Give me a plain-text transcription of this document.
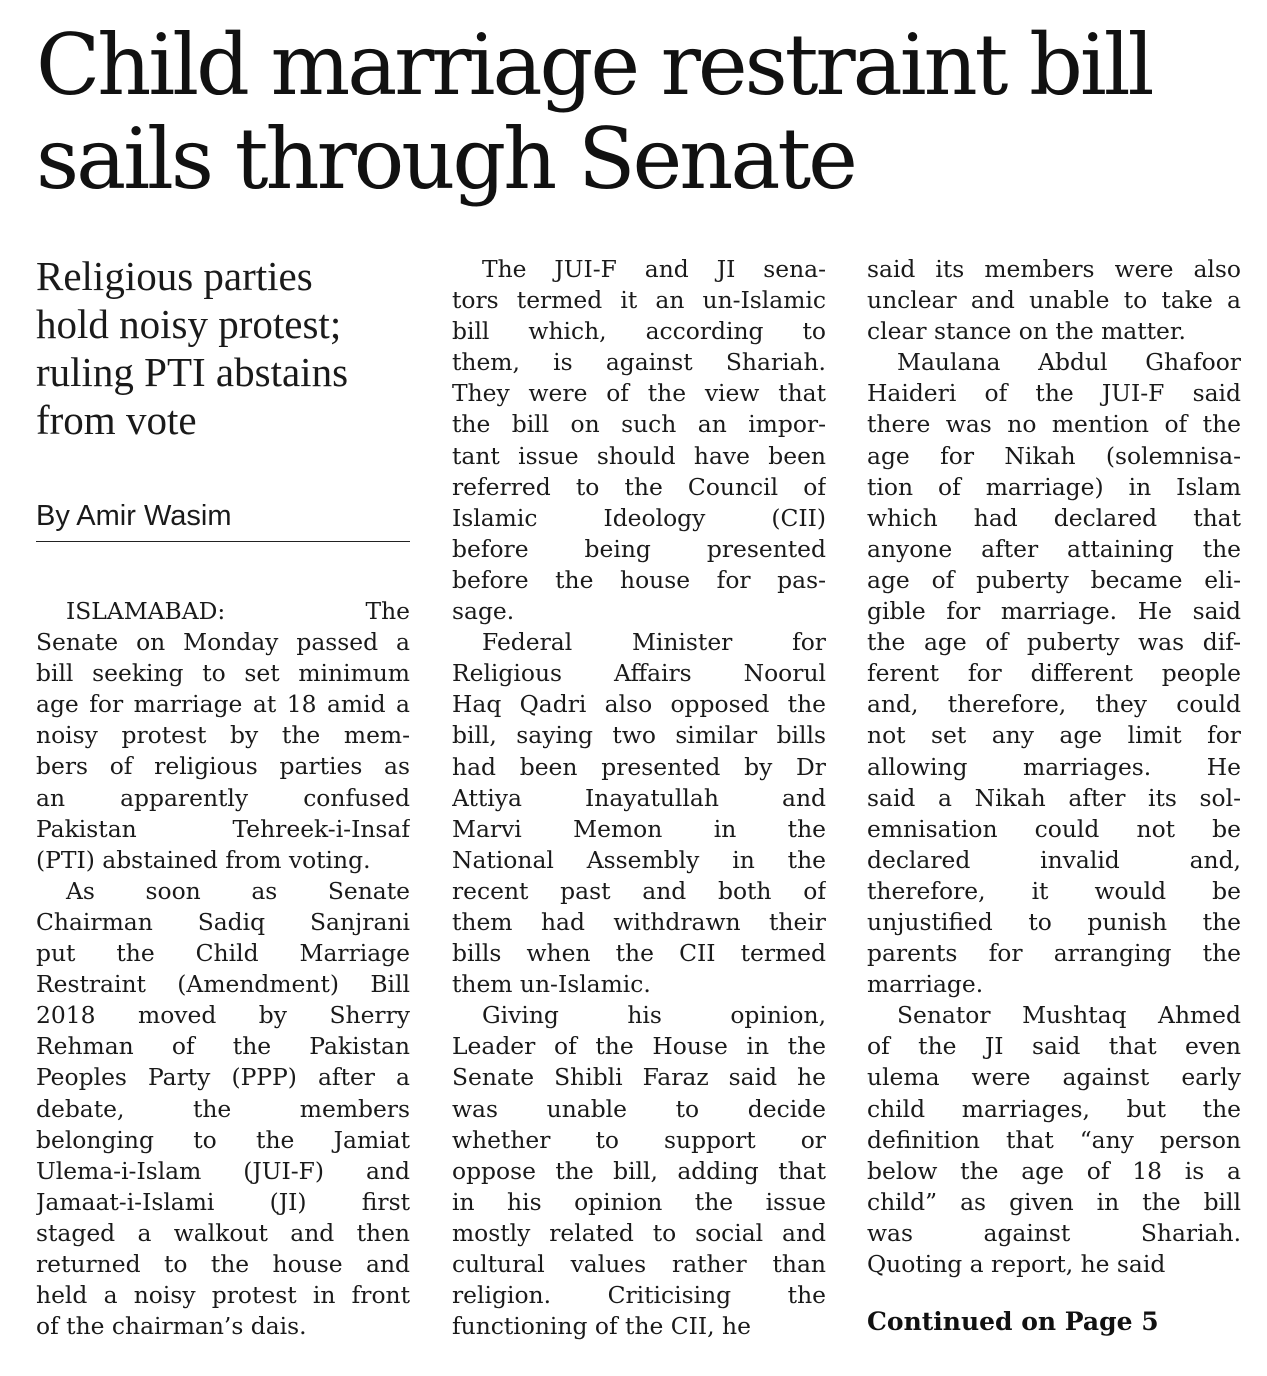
Child marriage restraint bill
sails through Senate
Religious parties
hold noisy protest;
ruling PTI abstains
from vote
By Amir Wasim
ISLAMABAD: The
Senate on Monday passed a
bill seeking to set minimum
age for marriage at 18 amid a
noisy protest by the mem-
bers of religious parties as
an apparently confused
Pakistan Tehreek-i-Insaf
(PTI) abstained from voting.
As soon as Senate
Chairman Sadiq Sanjrani
put the Child Marriage
Restraint (Amendment) Bill
2018 moved by Sherry
Rehman of the Pakistan
Peoples Party (PPP) after a
debate, the members
belonging to the Jamiat
Ulema-i-Islam (JUI-F) and
Jamaat-i-Islami (JI) first
staged a walkout and then
returned to the house and
held a noisy protest in front
of the chairman’s dais.
The JUI-F and JI sena-
tors termed it an un-Islamic
bill which, according to
them, is against Shariah.
They were of the view that
the bill on such an impor-
tant issue should have been
referred to the Council of
Islamic Ideology (CII)
before being presented
before the house for pas-
sage.
Federal Minister for
Religious Affairs Noorul
Haq Qadri also opposed the
bill, saying two similar bills
had been presented by Dr
Attiya Inayatullah and
Marvi Memon in the
National Assembly in the
recent past and both of
them had withdrawn their
bills when the CII termed
them un-Islamic.
Giving his opinion,
Leader of the House in the
Senate Shibli Faraz said he
was unable to decide
whether to support or
oppose the bill, adding that
in his opinion the issue
mostly related to social and
cultural values rather than
religion. Criticising the
functioning of the CII, he
said its members were also
unclear and unable to take a
clear stance on the matter.
Maulana Abdul Ghafoor
Haideri of the JUI-F said
there was no mention of the
age for Nikah (solemnisa-
tion of marriage) in Islam
which had declared that
anyone after attaining the
age of puberty became eli-
gible for marriage. He said
the age of puberty was dif-
ferent for different people
and, therefore, they could
not set any age limit for
allowing marriages. He
said a Nikah after its sol-
emnisation could not be
declared invalid and,
therefore, it would be
unjustified to punish the
parents for arranging the
marriage.
Senator Mushtaq Ahmed
of the JI said that even
ulema were against early
child marriages, but the
definition that “any person
below the age of 18 is a
child” as given in the bill
was against Shariah.
Quoting a report, he said
Continued on Page 5
